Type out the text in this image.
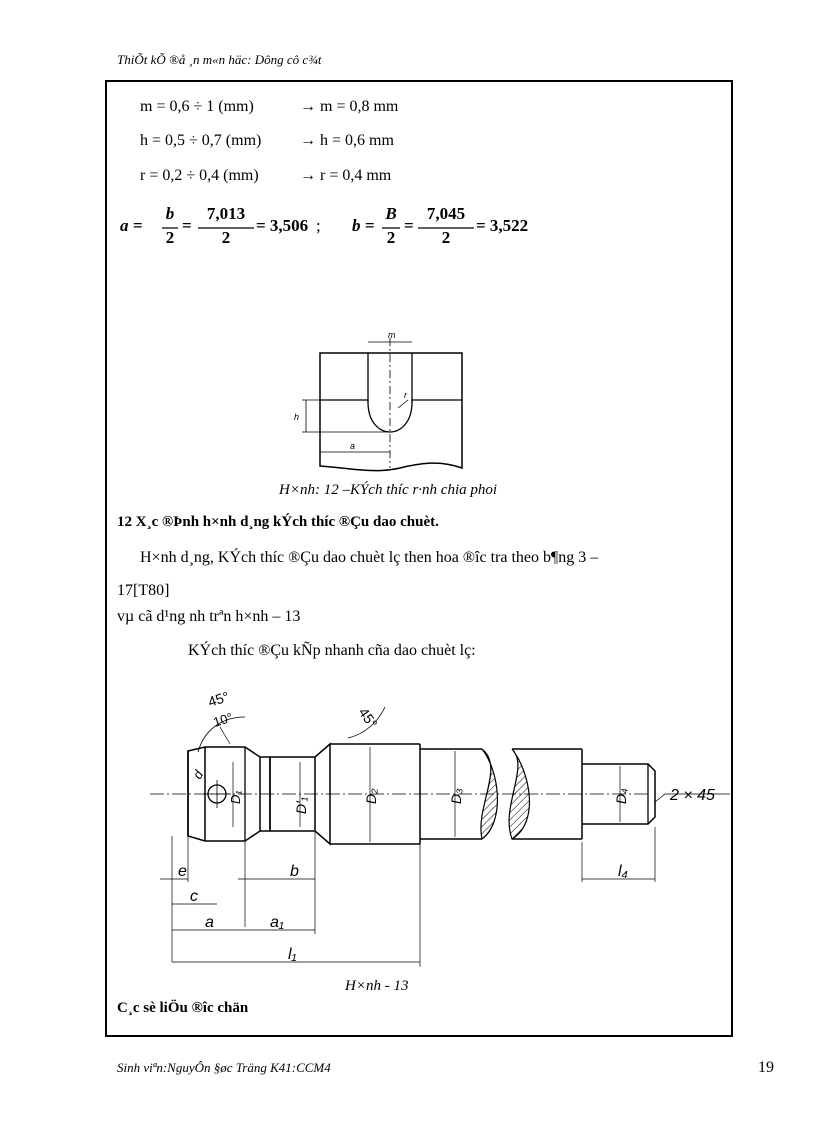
ThiÕt kÕ ®å ¸n m«n häc: Dông cô c¾t
m = 0,6 ÷ 1 (mm)	→ m = 0,8 mm
h = 0,5 ÷ 0,7 (mm) → h = 0,6 mm
r = 0,2 ÷ 0,4 (mm)	→ r = 0,4 mm
a =
b
2
=
7,013
2
= 3,506 ; b =
B
2
=
7,045
2
= 3,522
m
h
a
r
H×nh: 12 –KÝch thíc r·nh chia phoi
12 X¸c ®Þnh h×nh d¸ng kÝch thíc ®Çu dao chuèt.
H×nh d¸ng, KÝch thíc ®Çu dao chuèt lç then hoa ®îc tra theo b¶ng 3 –
17[T80]
vµ cã d¹ng nh trªn h×nh – 13
KÝch thíc ®Çu kÑp nhanh cña dao chuèt lç:
45°
10°	45°
d
D₁	D'₁
D₂	D₃	D₄	2 × 45
e	b
c
a	a₁
l₁
l₄
H×nh - 13
C¸c sè liÖu ®îc chän
Sinh viªn:NguyÔn §øc Träng K41:CCM4	19
